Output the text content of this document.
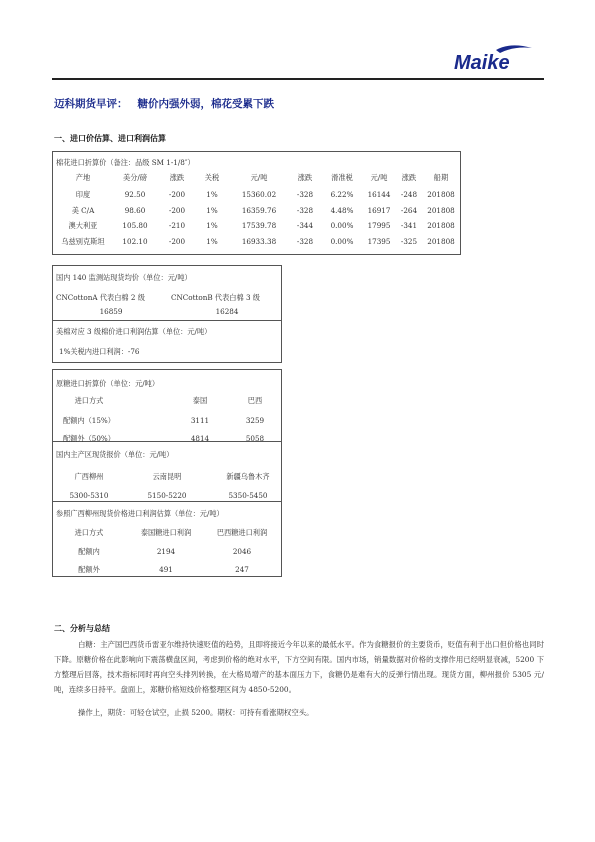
Maike
迈科期货早评： 糖价内强外弱，棉花受累下跌
一、进口价估算、进口利润估算
棉花进口折算价（备注：品级 SM 1-1/8″）
产地	美分/磅	涨跌	关税	元/吨	涨跌	滑准税	元/吨	涨跌	船期
印度	92.50	-200	1%	15360.02	-328	6.22%	16144	-248	201808
美 C/A	98.60	-200	1%	16359.76	-328	4.48%	16917	-264	201808
澳大利亚	105.80	-210	1%	17539.78	-344	0.00%	17995	-341	201808
乌兹别克斯坦	102.10	-200	1%	16933.38	-328	0.00%	17395	-325	201808
国内 140 监测站现货均价（单位：元/吨）
CNCottonA 代表白棉 2 级	CNCottonB 代表白棉 3 级
16859	16284
美棉对应 3 级棉价进口利润估算（单位：元/吨）
1%关税内进口利润：-76
原糖进口折算价（单位：元/吨）
国内主产区现货报价（单位：元/吨）
参照广西柳州现货价格进口利润估算（单位：元/吨）
进口方式	泰国	巴西
配额内（15%）	3111	3259
配额外（50%）	4814	5058
广西柳州	云南昆明	新疆乌鲁木齐
5300-5310	5150-5220	5350-5450
进口方式	泰国糖进口利润	巴西糖进口利润
配额内	2194	2046
配额外	491	247
二、分析与总结

白糖：主产国巴西货币雷亚尔维持快速贬值的趋势，且即将接近今年以来的最低水平。作为食糖报价的主要货币，贬值有利于出口但价格也同时下降。原糖价格在此影响向下震荡横盘区间，考虑到价格的绝对水平，下方空间有限。国内市场，销量数据对价格的支撑作用已经明显衰减，5200 下方整理后回落，技术指标同时再向空头排列转换，在大格局增产的基本面压力下，食糖仍是难有大的反弹行情出现。现货方面，柳州报价 5305 元/吨，连续多日持平。盘面上，郑糖价格短线价格整理区间为 4850-5200。

操作上，期货：可轻仓试空，止损 5200。期权：可持有看涨期权空头。
